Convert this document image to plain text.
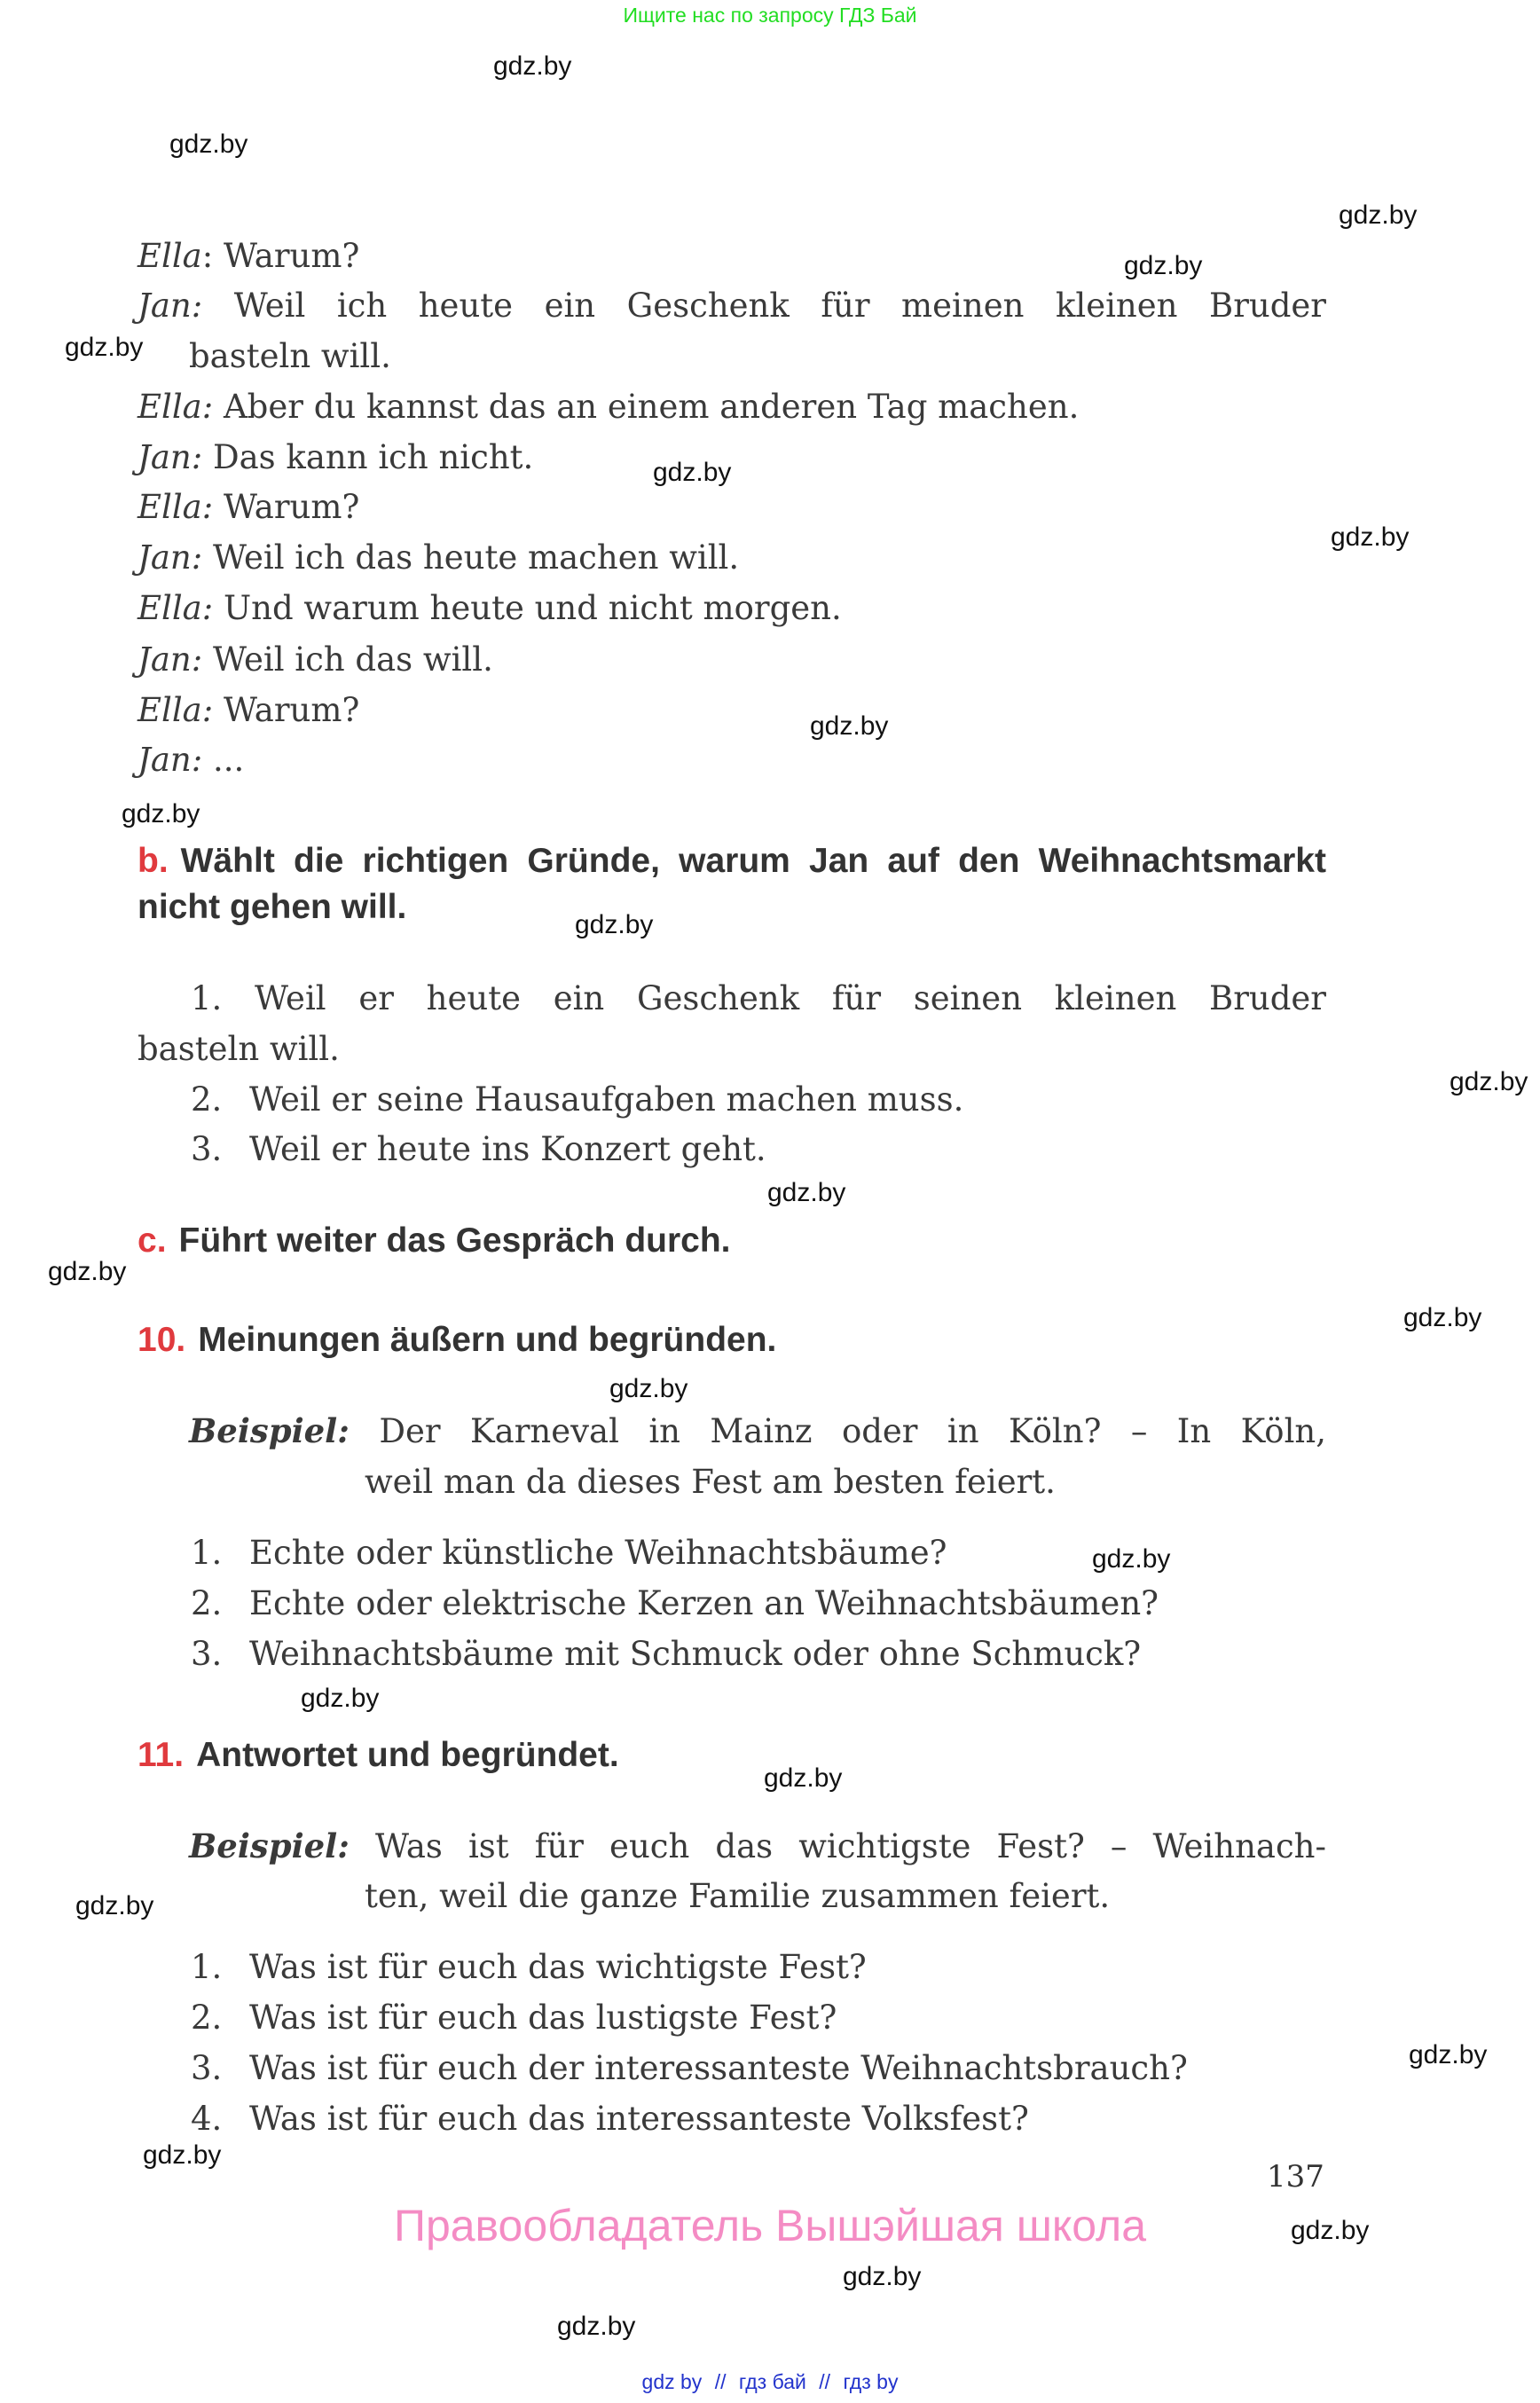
Ищите нас по запросу ГДЗ Бай
Ella: Warum?
Jan: Weil ich heute ein Geschenk für meinen kleinen Bruder
basteln will.
Ella: Aber du kannst das an einem anderen Tag machen.
Jan: Das kann ich nicht.
Ella: Warum?
Jan: Weil ich das heute machen will.
Ella: Und warum heute und nicht morgen.
Jan: Weil ich das will.
Ella: Warum?
Jan: ...
b. Wählt die richtigen Gründe, warum Jan auf den Weihnachtsmarkt
nicht gehen will.
1. Weil er heute ein Geschenk für seinen kleinen Bruder
basteln will.
2. Weil er seine Hausaufgaben machen muss.
3. Weil er heute ins Konzert geht.
c. Führt weiter das Gespräch durch.
10. Meinungen äußern und begründen.
Beispiel: Der Karneval in Mainz oder in Köln? – In Köln,
weil man da dieses Fest am besten feiert.
1. Echte oder künstliche Weihnachtsbäume?
2. Echte oder elektrische Kerzen an Weihnachtsbäumen?
3. Weihnachtsbäume mit Schmuck oder ohne Schmuck?
11. Antwortet und begründet.
Beispiel: Was ist für euch das wichtigste Fest? – Weihnach-
ten, weil die ganze Familie zusammen feiert.
1. Was ist für euch das wichtigste Fest?
2. Was ist für euch das lustigste Fest?
3. Was ist für euch der interessanteste Weihnachtsbrauch?
4. Was ist für euch das interessanteste Volksfest?
137
Правообладатель Вышэйшая школа
gdz by // гдз бай // гдз by
gdz.by
gdz.by
gdz.by
gdz.by
gdz.by
gdz.by
gdz.by
gdz.by
gdz.by
gdz.by
gdz.by
gdz.by
gdz.by
gdz.by
gdz.by
gdz.by
gdz.by
gdz.by
gdz.by
gdz.by
gdz.by
gdz.by
gdz.by
gdz.by
